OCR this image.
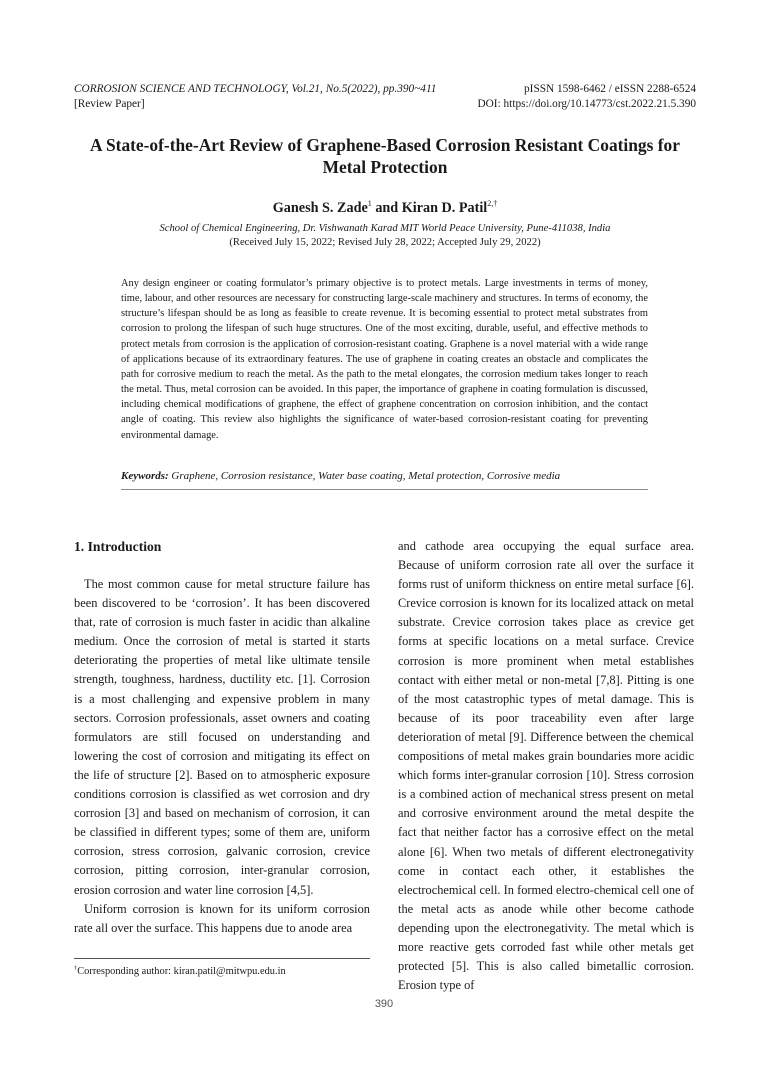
CORROSION SCIENCE AND TECHNOLOGY, Vol.21, No.5(2022), pp.390~411
[Review Paper]
pISSN 1598-6462 / eISSN 2288-6524
DOI: https://doi.org/10.14773/cst.2022.21.5.390
A State-of-the-Art Review of Graphene-Based Corrosion Resistant Coatings for Metal Protection
Ganesh S. Zade$^1$ and Kiran D. Patil$^{2,\dagger}$
School of Chemical Engineering, Dr. Vishwanath Karad MIT World Peace University, Pune-411038, India
(Received July 15, 2022; Revised July 28, 2022; Accepted July 29, 2022)
Any design engineer or coating formulator’s primary objective is to protect metals. Large investments in terms of money, time, labour, and other resources are necessary for constructing large-scale machinery and structures. In terms of economy, the structure’s lifespan should be as long as feasible to create revenue. It is becoming essential to protect metal substrates from corrosion to prolong the lifespan of such huge structures. One of the most exciting, durable, useful, and effective methods to protect metals from corrosion is the application of corrosion-resistant coating. Graphene is a novel material with a wide range of applications because of its extraordinary features. The use of graphene in coating creates an obstacle and complicates the path for corrosive medium to reach the metal. As the path to the metal elongates, the corrosion medium takes longer to reach the metal. Thus, metal corrosion can be avoided. In this paper, the importance of graphene in coating formulation is discussed, including chemical modifications of graphene, the effect of graphene concentration on corrosion inhibition, and the contact angle of coating. This review also highlights the significance of water-based corrosion-resistant coating for preventing environmental damage.
Keywords: Graphene, Corrosion resistance, Water base coating, Metal protection, Corrosive media
1. Introduction

The most common cause for metal structure failure has been discovered to be ‘corrosion’. It has been discovered that, rate of corrosion is much faster in acidic than alkaline medium. Once the corrosion of metal is started it starts deteriorating the properties of metal like ultimate tensile strength, toughness, hardness, ductility etc. [1]. Corrosion is a most challenging and expensive problem in many sectors. Corrosion professionals, asset owners and coating formulators are still focused on understanding and lowering the cost of corrosion and mitigating its effect on the life of structure [2]. Based on to atmospheric exposure conditions corrosion is classified as wet corrosion and dry corrosion [3] and based on mechanism of corrosion, it can be classified in different types; some of them are, uniform corrosion, stress corrosion, galvanic corrosion, crevice corrosion, pitting corrosion, inter-granular corrosion, erosion corrosion and water line corrosion [4,5].

Uniform corrosion is known for its uniform corrosion rate all over the surface. This happens due to anode area

and cathode area occupying the equal surface area. Because of uniform corrosion rate all over the surface it forms rust of uniform thickness on entire metal surface [6]. Crevice corrosion is known for its localized attack on metal substrate. Crevice corrosion takes place as crevice get forms at specific locations on a metal surface. Crevice corrosion is more prominent when metal establishes contact with either metal or non-metal [7,8]. Pitting is one of the most catastrophic types of metal damage. This is because of its poor traceability even after large deterioration of metal [9]. Difference between the chemical compositions of metal makes grain boundaries more acidic which forms inter-granular corrosion [10]. Stress corrosion is a combined action of mechanical stress present on metal and corrosive environment around the metal despite the fact that neither factor has a corrosive effect on the metal alone [6]. When two metals of different electronegativity come in contact each other, it establishes the electrochemical cell. In formed electro-chemical cell one of the metal acts as anode while other become cathode depending upon the electronegativity. The metal which is more reactive gets corroded fast while other metals get protected [5]. This is also called bimetallic corrosion. Erosion type of

†Corresponding author: kiran.patil@mitwpu.edu.in
390
